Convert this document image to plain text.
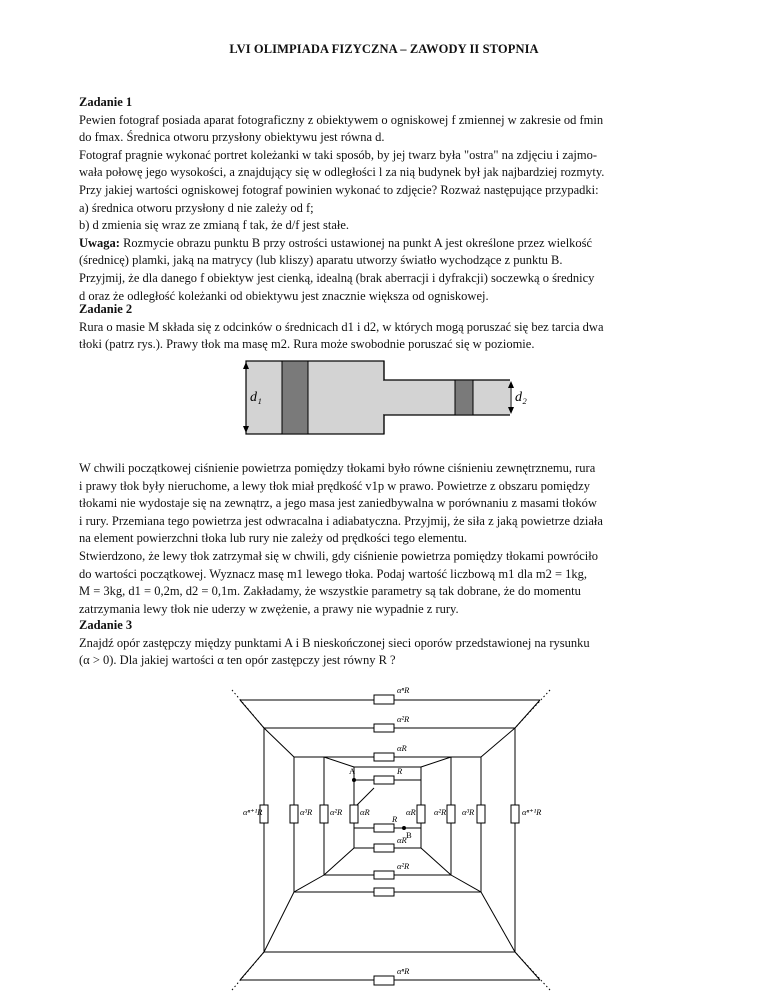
LVI OLIMPIADA FIZYCZNA – ZAWODY II STOPNIA

Zadanie 1

Pewien fotograf posiada aparat fotograficzny z obiektywem o ogniskowej f zmiennej w zakresie od fmin

do fmax. Średnica otworu przysłony obiektywu jest równa d.

Fotograf pragnie wykonać portret koleżanki w taki sposób, by jej twarz była "ostra" na zdjęciu i zajmo-

wała połowę jego wysokości, a znajdujący się w odległości l za nią budynek był jak najbardziej rozmyty.

Przy jakiej wartości ogniskowej fotograf powinien wykonać to zdjęcie? Rozważ następujące przypadki:

a) średnica otworu przysłony d nie zależy od f;

b) d zmienia się wraz ze zmianą f tak, że d/f jest stałe.

Uwaga: Rozmycie obrazu punktu B przy ostrości ustawionej na punkt A jest określone przez wielkość

(średnicę) plamki, jaką na matrycy (lub kliszy) aparatu utworzy światło wychodzące z punktu B.

Przyjmij, że dla danego f obiektyw jest cienką, idealną (brak aberracji i dyfrakcji) soczewką o średnicy

d oraz że odległość koleżanki od obiektywu jest znacznie większa od ogniskowej.

Zadanie 2

Rura o masie M składa się z odcinków o średnicach d1 i d2, w których mogą poruszać się bez tarcia dwa

tłoki (patrz rys.). Prawy tłok ma masę m2. Rura może swobodnie poruszać się w poziomie.

d₁	d₂

W chwili początkowej ciśnienie powietrza pomiędzy tłokami było równe ciśnieniu zewnętrznemu, rura

i prawy tłok były nieruchome, a lewy tłok miał prędkość v1p w prawo. Powietrze z obszaru pomiędzy

tłokami nie wydostaje się na zewnątrz, a jego masa jest zaniedbywalna w porównaniu z masami tłoków

i rury. Przemiana tego powietrza jest odwracalna i adiabatyczna. Przyjmij, że siła z jaką powietrze działa

na element powierzchni tłoka lub rury nie zależy od prędkości tego elementu.

Stwierdzono, że lewy tłok zatrzymał się w chwili, gdy ciśnienie powietrza pomiędzy tłokami powróciło

do wartości początkowej. Wyznacz masę m1 lewego tłoka. Podaj wartość liczbową m1 dla m2 = 1kg,

M = 3kg, d1 = 0,2m, d2 = 0,1m. Zakładamy, że wszystkie parametry są tak dobrane, że do momentu

zatrzymania lewy tłok nie uderzy w zwężenie, a prawy nie wypadnie z rury.

Zadanie 3

Znajdź opór zastępczy między punktami A i B nieskończonej sieci oporów przedstawionej na rysunku

(α > 0). Dla jakiej wartości α ten opór zastępczy jest równy R ?

A
B
αⁿR
αⁿR
α²R
αR
R
R
αR
α²R
αⁿ⁺¹R	α³R α²R αR	αR α²R α³R	αⁿ⁺¹R
